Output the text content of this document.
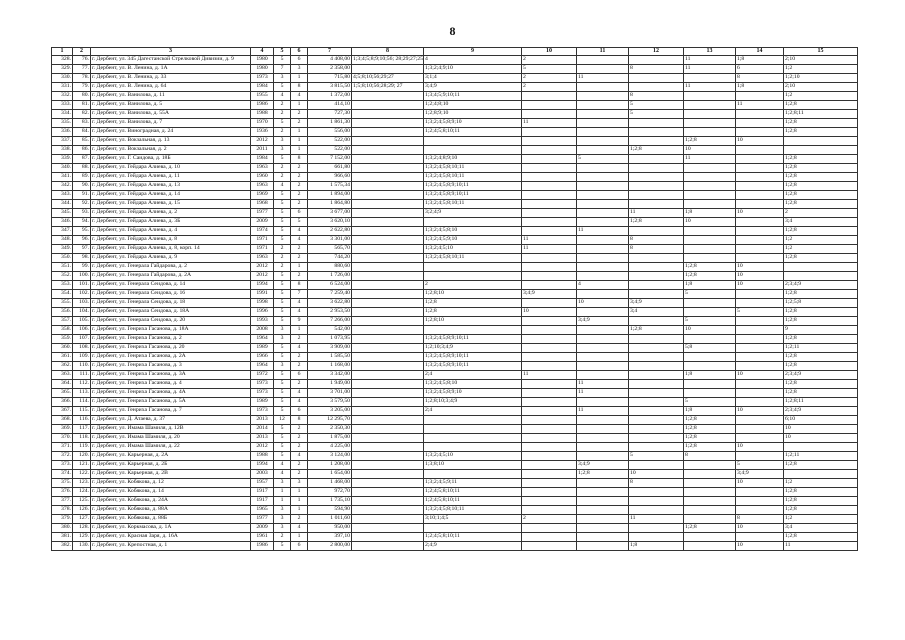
8
1	2	3	4	5	6	7	8	9	10	11	12	13	14	15	
328.	76.	г. Дербент, ул. 345 Дагестанской Стрелковой Дивизии, д. 9	1980	5	6	4 408,00	1;3;4;5;8;9;10;56; 28;29;27;25	4	2			11	1;8	2;10	
329.	77.	г. Дербент, ул. В. Ленина, д. 1А	1980	7	3	2 358,00		1;3;2;4;9;10	5		8	11	6	1;2	
330.	78.	г. Дербент, ул. В. Ленина, д. 33	1973	3	1	715,80	4;5;8;10;56;29;27	3;1;4	2	11			8	1;2;10	
331.	79.	г. Дербент, ул. В. Ленина, д. 64	1984	5	8	3 815,50	1;5;8;10;56;28;29; 27	3;4;9	2			11	1;8	2;10	
332.	80.	г. Дербент, ул. Ванилова, д. 11	1955	4	4	1 372,00		1;3;4;5;9;10;11			8			1;2	
333.	81.	г. Дербент, ул. Ванилова, д. 5	1986	2	1	414,10		1;2;4;8;10			5		11	1;2;8	
334.	82.	г. Дербент, ул. Ванилова, д. 55А	1988	2	2	727,30		1;2;8;9;10			5			1;2;8;11	
335.	83.	г. Дербент, ул. Ванилова, д. 7	1970	5	2	1 861,30		1;3;2;4;5;8;9;10	11					1;2;8	
336.	84.	г. Дербент, ул. Виноградная, д. 24	1936	2	1	556,00		1;2;4;5;8;10;11						1;2;8	
337.	85.	г. Дербент, ул. Вокзальная, д. 13	2012	3	1	522,00						1;2;8	10		
338.	86.	г. Дербент, ул. Вокзальная, д. 2	2011	3	1	522,00					1;2;8	10			
339.	87.	г. Дербент, ул. Г. Саидова, д. 18Б	1984	5	8	7 152,00		1;3;2;4;8;9;10		5		11		1;2;8	
340.	88.	г. Дербент, ул. Гейдара Алиева, д. 10	1963	2	2	661,80		1;3;2;4;5;8;10;11						1;2;8	
341.	89.	г. Дербент, ул. Гейдара Алиева, д. 11	1960	2	2	966,60		1;3;2;4;5;8;10;11						1;2;8	
342.	90.	г. Дербент, ул. Гейдара Алиева, д. 13	1963	4	2	1 575,34		1;3;2;4;5;8;9;10;11						1;2;8	
343.	91.	г. Дербент, ул. Гейдара Алиева, д. 14	1969	5	2	1 894,00		1;3;2;4;5;8;9;10;11						1;2;8	
344.	92.	г. Дербент, ул. Гейдара Алиева, д. 15	1968	5	2	1 864,80		1;3;2;4;5;8;10;11						1;2;8	
345.	93.	г. Дербент, ул. Гейдара Алиева, д. 2	1977	5	6	3 677,00		3;2;4;9			11	1;8	10	2	
346.	94.	г. Дербент, ул. Гейдара Алиева, д. 3Б	2009	5	5	3 620,10					1;2;8	10		3;4	
347.	95.	г. Дербент, ул. Гейдара Алиева, д. 4	1974	5	4	2 622,80		1;3;2;4;5;8;10		11				1;2;8	
348.	96.	г. Дербент, ул. Гейдара Алиева, д. 8	1971	5	4	3 301,00		1;3;2;4;5;9;10	11		8			1;2	
349.	97.	г. Дербент, ул. Гейдара Алиева, д. 8, корп. 14	1971	2	2	565,70		1;3;2;4;5;10	11		8			1;2	
350.	98.	г. Дербент, ул. Гейдара Алиева, д. 9	1963	2	2	744,20		1;3;2;4;5;8;10;11						1;2;8	
351.	99.	г. Дербент, ул. Генерала Гайдарова, д. 2	2012	2	1	880,60						1;2;8	10		
352.	100.	г. Дербент, ул. Генерала Гайдарова, д. 2А	2012	5	2	1 726,00						1;2;8	10		
353.	101.	г. Дербент, ул. Генерала Сеидова, д. 14	1994	5	8	6 524,00		2		4		1;8	10	2;3;4;9	
354.	102.	г. Дербент, ул. Генерала Сеидова, д. 16	1991	5	7	7 259,40		1;2;8;10	3;4;9			5		1;2;8	
355.	103.	г. Дербент, ул. Генерала Сеидова, д. 18	1998	5	4	3 622,80		1;2;8		10	3;4;9			1;2;5;8	
356.	104.	г. Дербент, ул. Генерала Сеидова, д. 18А	1996	5	4	2 953,50		1;2;8	10		3;4		5	1;2;8	
357.	105.	г. Дербент, ул. Генерала Сеидова, д. 20	1993	5	9	7 266,00		1;2;8;10		3;4;9		5		1;2;8	
358.	106.	г. Дербент, ул. Генриха Гасанова, д. 18А	2008	3	1	542,00					1;2;8	10		9	
359.	107.	г. Дербент, ул. Генриха Гасанова, д. 2	1964	3	2	1 073,95		1;3;2;4;5;8;9;10;11						1;2;8	
360.	108.	г. Дербент, ул. Генриха Гасанова, д. 20	1989	5	4	3 909,00		1;2;10;3;4;9				5;8		1;2;11	
361.	109.	г. Дербент, ул. Генриха Гасанова, д. 2А	1966	5	2	1 585,50		1;3;2;4;5;8;9;10;11						1;2;8	
362.	110.	г. Дербент, ул. Генриха Гасанова, д. 3	1964	3	2	1 168,00		1;3;2;4;5;8;9;10;11						1;2;8	
363.	111.	г. Дербент, ул. Генриха Гасанова, д. 3А	1972	5	6	3 342,00		2;4	11			1;8	10	2;3;4;9	
364.	112.	г. Дербент, ул. Генриха Гасанова, д. 4	1973	5	2	1 949,00		1;3;2;4;5;8;10		11				1;2;8	
365.	113.	г. Дербент, ул. Генриха Гасанова, д. 4А	1973	5	4	3 701,00		1;3;2;4;5;8;9;10		11				1;2;8	
366.	114.	г. Дербент, ул. Генриха Гасанова, д. 5А	1989	5	4	3 579,50		1;2;8;10;3;4;9				5		1;2;8;11	
367.	115.	г. Дербент, ул. Генриха Гасанова, д. 7	1973	5	6	3 205,00		2;4		11		1;8	10	2;3;4;9	
368.	116.	г. Дербент, ул. Д. Атаева, д. 37	2013	12	8	12 295,70						1;2;8		6;10	
369.	117.	г. Дербент, ул. Имама Шамиля, д. 12В	2014	5	2	2 350,30						1;2;8		10	
370.	118.	г. Дербент, ул. Имама Шамиля, д. 20	2013	5	2	1 875,00						1;2;8		10	
371.	119.	г. Дербент, ул. Имама Шамиля, д. 22	2012	5	2	4 225,00						1;2;8	10		
372.	120.	г. Дербент, ул. Карьерная, д. 2А	1988	5	4	3 124,00		1;3;2;4;5;10			5	8		1;2;11	
373.	121.	г. Дербент, ул. Карьерная, д. 2Б	1994	4	2	1 208,00		1;3;8;10		3;4;9			5	1;2;8	
374.	122.	г. Дербент, ул. Карьерная, д. 2В	2003	4	2	1 654,00				1;2;8	10		3;4;9		
375.	123.	г. Дербент, ул. Кобякова, д. 12	1957	3	3	1 468,00		1;3;2;4;5;9;11			8		10	1;2	
376.	124.	г. Дербент, ул. Кобякова, д. 14	1917	1	1	972,70		1;2;4;5;8;10;11						1;2;8	
377.	125.	г. Дербент, ул. Кобякова, д. 24А	1917	1	1	1 735,10		1;2;4;5;8;10;11						1;2;8	
378.	126.	г. Дербент, ул. Кобякова, д. 88А	1965	3	1	594,90		1;3;2;4;5;8;10;11						1;2;8	
379.	127.	г. Дербент, ул. Кобякова, д. 88Б	1977	3	2	1 011,60		3;10;1;4;5	2		11		8	1;2	
380.	128.	г. Дербент, ул. Коркмасова, д. 1А	2009	3	4	950,00						1;2;8	10	3;4	
381.	129.	г. Дербент, ул. Красная Заря, д. 16А	1961	2	1	397,10		1;2;4;5;8;10;11						1;2;8	
382.	130.	г. Дербент, ул. Крепостная, д. 1	1986	5	6	2 800,00		2;4;9			1;8		10	11	
